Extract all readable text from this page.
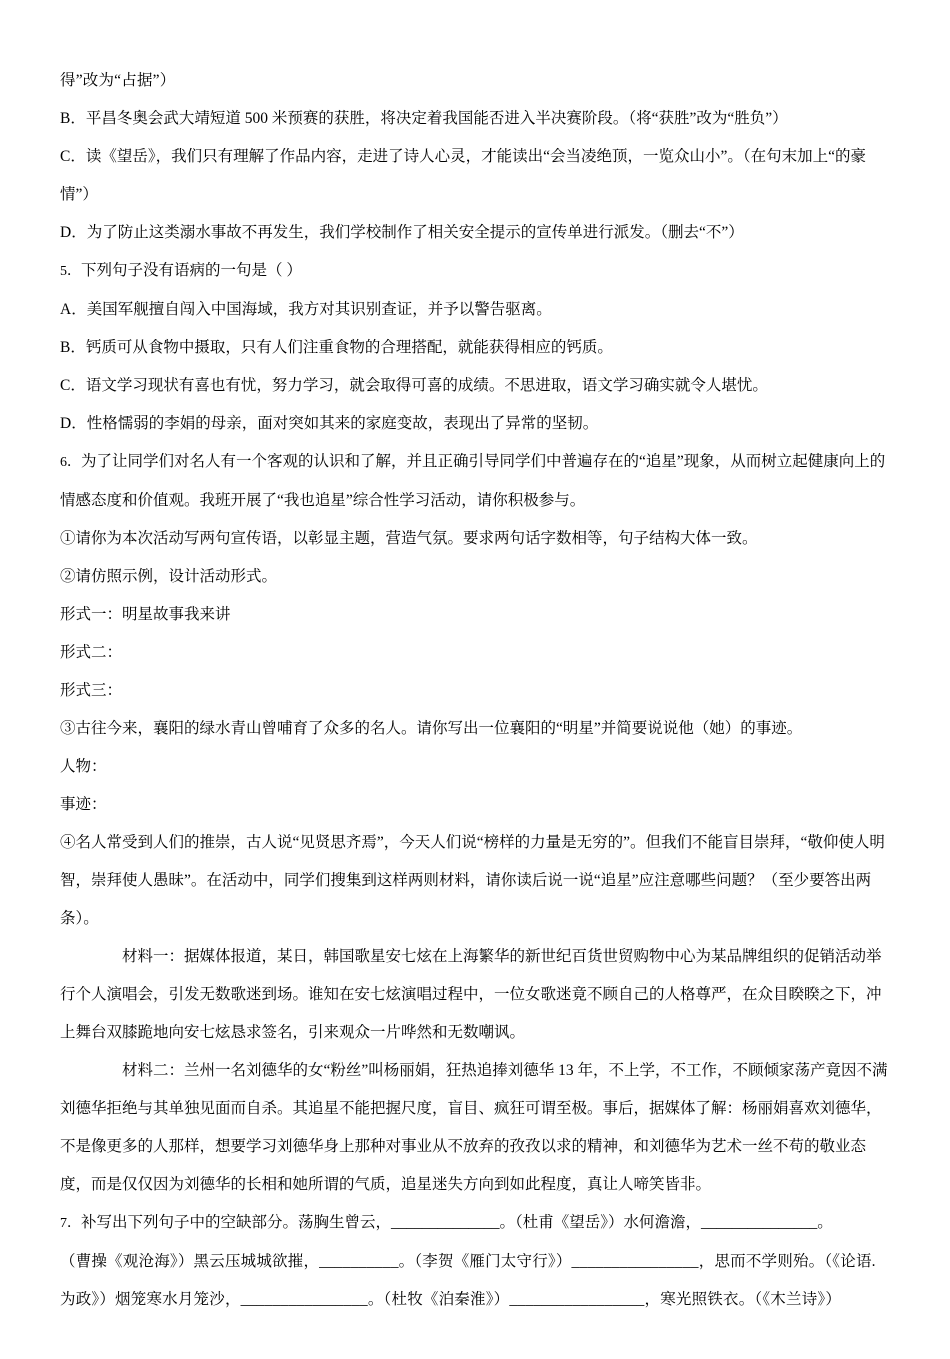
得”改为“占据”）
B．平昌冬奥会武大靖短道 500 米预赛的获胜，将决定着我国能否进入半决赛阶段。（将“获胜”改为“胜负”）
C．读《望岳》，我们只有理解了作品内容，走进了诗人心灵，才能读出“会当凌绝顶，一览众山小”。（在句末加上“的豪情”）
D．为了防止这类溺水事故不再发生，我们学校制作了相关安全提示的宣传单进行派发。（删去“不”）
5．下列句子没有语病的一句是（ ）
A．美国军舰擅自闯入中国海域，我方对其识别查证，并予以警告驱离。
B．钙质可从食物中摄取，只有人们注重食物的合理搭配，就能获得相应的钙质。
C．语文学习现状有喜也有忧，努力学习，就会取得可喜的成绩。不思进取，语文学习确实就令人堪忧。
D．性格懦弱的李娟的母亲，面对突如其来的家庭变故，表现出了异常的坚韧。
6．为了让同学们对名人有一个客观的认识和了解，并且正确引导同学们中普遍存在的“追星”现象，从而树立起健康向上的情感态度和价值观。我班开展了“我也追星”综合性学习活动，请你积极参与。
①请你为本次活动写两句宣传语，以彰显主题，营造气氛。要求两句话字数相等，句子结构大体一致。
②请仿照示例，设计活动形式。
形式一：明星故事我来讲
形式二：
形式三：
③古往今来，襄阳的绿水青山曾哺育了众多的名人。请你写出一位襄阳的“明星”并简要说说他（她）的事迹。
人物：
事迹：
④名人常受到人们的推崇，古人说“见贤思齐焉”，今天人们说“榜样的力量是无穷的”。但我们不能盲目崇拜，“敬仰使人明智，崇拜使人愚昧”。在活动中，同学们搜集到这样两则材料，请你读后说一说“追星”应注意哪些问题？（至少要答出两条）。
材料一：据媒体报道，某日，韩国歌星安七炫在上海繁华的新世纪百货世贸购物中心为某品牌组织的促销活动举行个人演唱会，引发无数歌迷到场。谁知在安七炫演唱过程中，一位女歌迷竟不顾自己的人格尊严，在众目睽睽之下，冲上舞台双膝跪地向安七炫恳求签名，引来观众一片哗然和无数嘲讽。
材料二：兰州一名刘德华的女“粉丝”叫杨丽娟，狂热追捧刘德华 13 年，不上学，不工作，不顾倾家荡产竟因不满刘德华拒绝与其单独见面而自杀。其追星不能把握尺度，盲目、疯狂可谓至极。事后，据媒体了解：杨丽娟喜欢刘德华，不是像更多的人那样，想要学习刘德华身上那种对事业从不放弃的孜孜以求的精神，和刘德华为艺术一丝不苟的敬业态度，而是仅仅因为刘德华的长相和她所谓的气质，追星迷失方向到如此程度，真让人啼笑皆非。
7．补写出下列句子中的空缺部分。荡胸生曾云，______________。（杜甫《望岳》）水何澹澹，_______________。
（曹操《观沧海》）黑云压城城欲摧，__________。（李贺《雁门太守行》）________________，思而不学则殆。（《论语.
为政》）烟笼寒水月笼沙，________________。（杜牧《泊秦淮》）_________________，寒光照铁衣。（《木兰诗》）
